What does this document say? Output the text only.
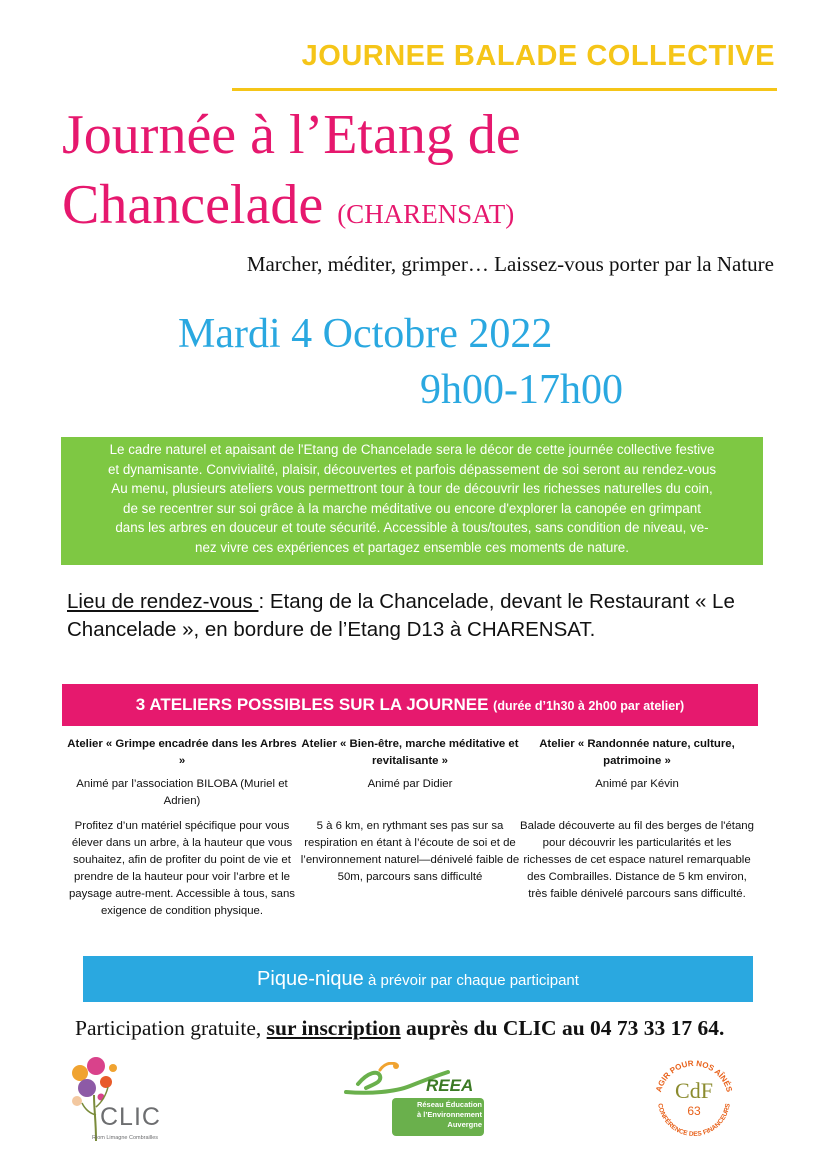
JOURNEE BALADE COLLECTIVE
Journée à l’Etang de
Chancelade (CHARENSAT)
Marcher, méditer, grimper… Laissez-vous porter par la Nature
Mardi 4 Octobre 2022
9h00-17h00
Le cadre naturel et apaisant de l'Etang de Chancelade sera le décor de cette journée collective festive
et dynamisante. Convivialité, plaisir, découvertes et parfois dépassement de soi seront au rendez-vous
Au menu, plusieurs ateliers vous permettront tour à tour de découvrir les richesses naturelles du coin,
de se recentrer sur soi grâce à la marche méditative ou encore d'explorer la canopée en grimpant
dans les arbres en douceur et toute sécurité. Accessible à tous/toutes, sans condition de niveau, ve-
nez vivre ces expériences et partagez ensemble ces moments de nature.
Lieu de rendez-vous : Etang de la Chancelade, devant le Restaurant « Le Chancelade », en bordure de l’Etang D13 à CHARENSAT.
3 ATELIERS POSSIBLES SUR LA JOURNEE (durée d’1h30 à 2h00 par atelier)
Atelier « Grimpe encadrée dans les Arbres »
Animé par l’association BILOBA (Muriel et Adrien)
Profitez d’un matériel spécifique pour vous élever dans un arbre, à la hauteur que vous souhaitez, afin de profiter du point de vie et prendre de la hauteur pour voir l’arbre et le paysage autre-ment. Accessible à tous, sans exigence de condition physique.
Atelier « Bien-être, marche méditative et revitalisante »
Animé par Didier
5 à 6 km, en rythmant ses pas sur sa respiration en étant à l’écoute de soi et de l’environnement naturel—dénivelé faible de 50m, parcours sans difficulté
Atelier « Randonnée nature, culture, patrimoine »
Animé par Kévin
Balade découverte au fil des berges de l'étang pour découvrir les particularités et les richesses de cet espace naturel remarquable des Combrailles. Distance de 5 km environ, très faible dénivelé parcours sans difficulté.
Pique-nique à prévoir par chaque participant
Participation gratuite, sur inscription auprès du CLIC au 04 73 33 17 64.
CLIC
Riom Limagne Combrailles
REEA
Réseau Éducation
à l’Environnement Auvergne
AGIR POUR NOS AÎNÉS
CONFÉRENCE DES FINANCEURS
CdF
63
